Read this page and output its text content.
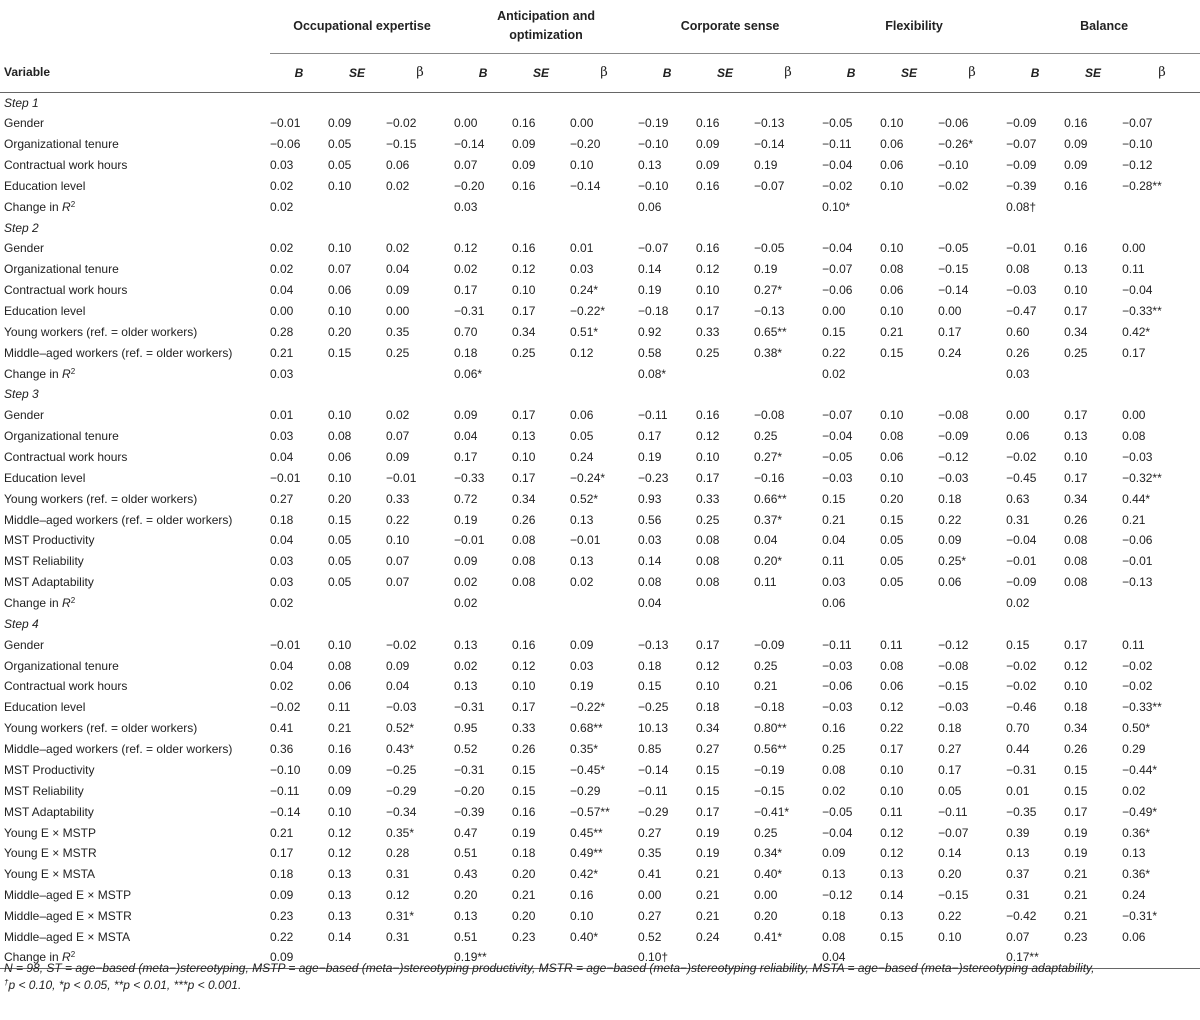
	Occupational expertise			Anticipation and
optimization			Corporate sense			Flexibility			Balance		
Variable	B	SE	β	B	SE	β	B	SE	β	B	SE	β	B	SE	β
Step 1															
Gender	−0.01	0.09	−0.02	0.00	0.16	0.00	−0.19	0.16	−0.13	−0.05	0.10	−0.06	−0.09	0.16	−0.07
Organizational tenure	−0.06	0.05	−0.15	−0.14	0.09	−0.20	−0.10	0.09	−0.14	−0.11	0.06	−0.26*	−0.07	0.09	−0.10
Contractual work hours	0.03	0.05	0.06	0.07	0.09	0.10	0.13	0.09	0.19	−0.04	0.06	−0.10	−0.09	0.09	−0.12
Education level	0.02	0.10	0.02	−0.20	0.16	−0.14	−0.10	0.16	−0.07	−0.02	0.10	−0.02	−0.39	0.16	−0.28**
Change in $R^2$	0.02			0.03			0.06			0.10*			0.08†		
Step 2															
Gender	0.02	0.10	0.02	0.12	0.16	0.01	−0.07	0.16	−0.05	−0.04	0.10	−0.05	−0.01	0.16	0.00
Organizational tenure	0.02	0.07	0.04	0.02	0.12	0.03	0.14	0.12	0.19	−0.07	0.08	−0.15	0.08	0.13	0.11
Contractual work hours	0.04	0.06	0.09	0.17	0.10	0.24*	0.19	0.10	0.27*	−0.06	0.06	−0.14	−0.03	0.10	−0.04
Education level	0.00	0.10	0.00	−0.31	0.17	−0.22*	−0.18	0.17	−0.13	0.00	0.10	0.00	−0.47	0.17	−0.33**
Young workers (ref. = older workers)	0.28	0.20	0.35	0.70	0.34	0.51*	0.92	0.33	0.65**	0.15	0.21	0.17	0.60	0.34	0.42*
Middle–aged workers (ref. = older workers)	0.21	0.15	0.25	0.18	0.25	0.12	0.58	0.25	0.38*	0.22	0.15	0.24	0.26	0.25	0.17
Change in $R^2$	0.03			0.06*			0.08*			0.02			0.03		
Step 3															
Gender	0.01	0.10	0.02	0.09	0.17	0.06	−0.11	0.16	−0.08	−0.07	0.10	−0.08	0.00	0.17	0.00
Organizational tenure	0.03	0.08	0.07	0.04	0.13	0.05	0.17	0.12	0.25	−0.04	0.08	−0.09	0.06	0.13	0.08
Contractual work hours	0.04	0.06	0.09	0.17	0.10	0.24	0.19	0.10	0.27*	−0.05	0.06	−0.12	−0.02	0.10	−0.03
Education level	−0.01	0.10	−0.01	−0.33	0.17	−0.24*	−0.23	0.17	−0.16	−0.03	0.10	−0.03	−0.45	0.17	−0.32**
Young workers (ref. = older workers)	0.27	0.20	0.33	0.72	0.34	0.52*	0.93	0.33	0.66**	0.15	0.20	0.18	0.63	0.34	0.44*
Middle–aged workers (ref. = older workers)	0.18	0.15	0.22	0.19	0.26	0.13	0.56	0.25	0.37*	0.21	0.15	0.22	0.31	0.26	0.21
MST Productivity	0.04	0.05	0.10	−0.01	0.08	−0.01	0.03	0.08	0.04	0.04	0.05	0.09	−0.04	0.08	−0.06
MST Reliability	0.03	0.05	0.07	0.09	0.08	0.13	0.14	0.08	0.20*	0.11	0.05	0.25*	−0.01	0.08	−0.01
MST Adaptability	0.03	0.05	0.07	0.02	0.08	0.02	0.08	0.08	0.11	0.03	0.05	0.06	−0.09	0.08	−0.13
Change in $R^2$	0.02			0.02			0.04			0.06			0.02		
Step 4															
Gender	−0.01	0.10	−0.02	0.13	0.16	0.09	−0.13	0.17	−0.09	−0.11	0.11	−0.12	0.15	0.17	0.11
Organizational tenure	0.04	0.08	0.09	0.02	0.12	0.03	0.18	0.12	0.25	−0.03	0.08	−0.08	−0.02	0.12	−0.02
Contractual work hours	0.02	0.06	0.04	0.13	0.10	0.19	0.15	0.10	0.21	−0.06	0.06	−0.15	−0.02	0.10	−0.02
Education level	−0.02	0.11	−0.03	−0.31	0.17	−0.22*	−0.25	0.18	−0.18	−0.03	0.12	−0.03	−0.46	0.18	−0.33**
Young workers (ref. = older workers)	0.41	0.21	0.52*	0.95	0.33	0.68**	10.13	0.34	0.80**	0.16	0.22	0.18	0.70	0.34	0.50*
Middle–aged workers (ref. = older workers)	0.36	0.16	0.43*	0.52	0.26	0.35*	0.85	0.27	0.56**	0.25	0.17	0.27	0.44	0.26	0.29
MST Productivity	−0.10	0.09	−0.25	−0.31	0.15	−0.45*	−0.14	0.15	−0.19	0.08	0.10	0.17	−0.31	0.15	−0.44*
MST Reliability	−0.11	0.09	−0.29	−0.20	0.15	−0.29	−0.11	0.15	−0.15	0.02	0.10	0.05	0.01	0.15	0.02
MST Adaptability	−0.14	0.10	−0.34	−0.39	0.16	−0.57**	−0.29	0.17	−0.41*	−0.05	0.11	−0.11	−0.35	0.17	−0.49*
Young E × MSTP	0.21	0.12	0.35*	0.47	0.19	0.45**	0.27	0.19	0.25	−0.04	0.12	−0.07	0.39	0.19	0.36*
Young E × MSTR	0.17	0.12	0.28	0.51	0.18	0.49**	0.35	0.19	0.34*	0.09	0.12	0.14	0.13	0.19	0.13
Young E × MSTA	0.18	0.13	0.31	0.43	0.20	0.42*	0.41	0.21	0.40*	0.13	0.13	0.20	0.37	0.21	0.36*
Middle–aged E × MSTP	0.09	0.13	0.12	0.20	0.21	0.16	0.00	0.21	0.00	−0.12	0.14	−0.15	0.31	0.21	0.24
Middle–aged E × MSTR	0.23	0.13	0.31*	0.13	0.20	0.10	0.27	0.21	0.20	0.18	0.13	0.22	−0.42	0.21	−0.31*
Middle–aged E × MSTA	0.22	0.14	0.31	0.51	0.23	0.40*	0.52	0.24	0.41*	0.08	0.15	0.10	0.07	0.23	0.06
Change in $R^2$	0.09			0.19**			0.10†			0.04			0.17**		
N = 98, ST = age−based (meta−)stereotyping, MSTP = age−based (meta−)stereotyping productivity, MSTR = age−based (meta−)stereotyping reliability, MSTA = age−based (meta−)stereotyping adaptability,
†p < 0.10, *p < 0.05, **p < 0.01, ***p < 0.001.
